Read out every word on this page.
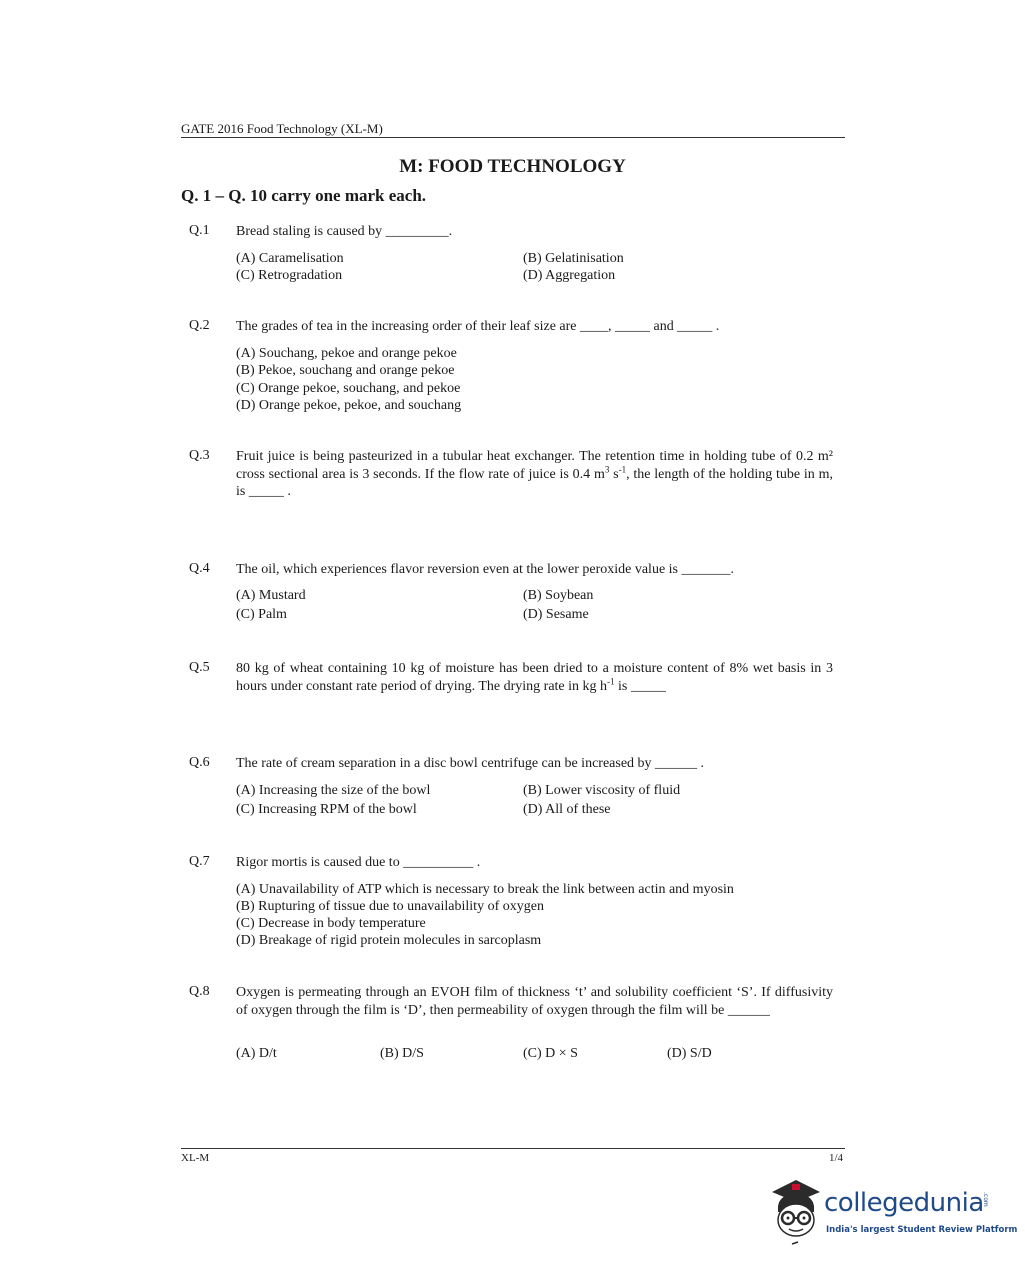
GATE 2016 Food Technology (XL-M)
M: FOOD TECHNOLOGY
Q. 1 – Q. 10 carry one mark each.
Q.1 Bread staling is caused by _________.
(A) Caramelisation	(B) Gelatinisation
(C) Retrogradation	(D) Aggregation
Q.2 The grades of tea in the increasing order of their leaf size are ____, _____ and _____ .
(A) Souchang, pekoe and orange pekoe
(B) Pekoe, souchang and orange pekoe
(C) Orange pekoe, souchang, and pekoe
(D) Orange pekoe, pekoe, and souchang
Q.3 Fruit juice is being pasteurized in a tubular heat exchanger. The retention time in holding tube of 0.2 m² cross sectional area is 3 seconds. If the flow rate of juice is 0.4 $m^3$ $s^{-1}$, the length of the holding tube in m, is _____ .
Q.4 The oil, which experiences flavor reversion even at the lower peroxide value is _______.
(A) Mustard	(B) Soybean
(C) Palm	(D) Sesame
Q.5 80 kg of wheat containing 10 kg of moisture has been dried to a moisture content of 8% wet basis in 3 hours under constant rate period of drying. The drying rate in kg $h^{-1}$ is _____
Q.6 The rate of cream separation in a disc bowl centrifuge can be increased by ______ .
(A) Increasing the size of the bowl	(B) Lower viscosity of fluid
(C) Increasing RPM of the bowl	(D) All of these
Q.7 Rigor mortis is caused due to __________ .
(A) Unavailability of ATP which is necessary to break the link between actin and myosin
(B) Rupturing of tissue due to unavailability of oxygen
(C) Decrease in body temperature
(D) Breakage of rigid protein molecules in sarcoplasm
Q.8 Oxygen is permeating through an EVOH film of thickness ‘t’ and solubility coefficient ‘S’. If diffusivity of oxygen through the film is ‘D’, then permeability of oxygen through the film will be ______
(A) D/t	(B) D/S	(C) D × S	(D) S/D
XL-M	1/4
collegedunia
.com
India's largest Student Review Platform
